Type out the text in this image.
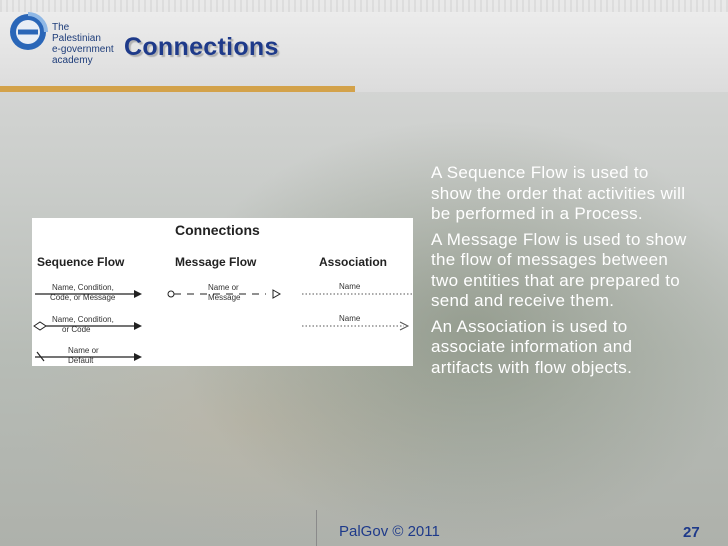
The Palestinian
e-government
academy	Connections
Connections
Sequence Flow	Message Flow	Association
Name, Condition,
Code, or Message
Name, Condition,
or Code
Name or
Default
Name or
Message
Name
Name

A Sequence Flow is used to show the order that activities will be performed in a Process.

A Message Flow is used to show the flow of messages between two entities that are prepared to send and receive them.

An Association is used to associate information and artifacts with flow objects.

PalGov © 2011	27
